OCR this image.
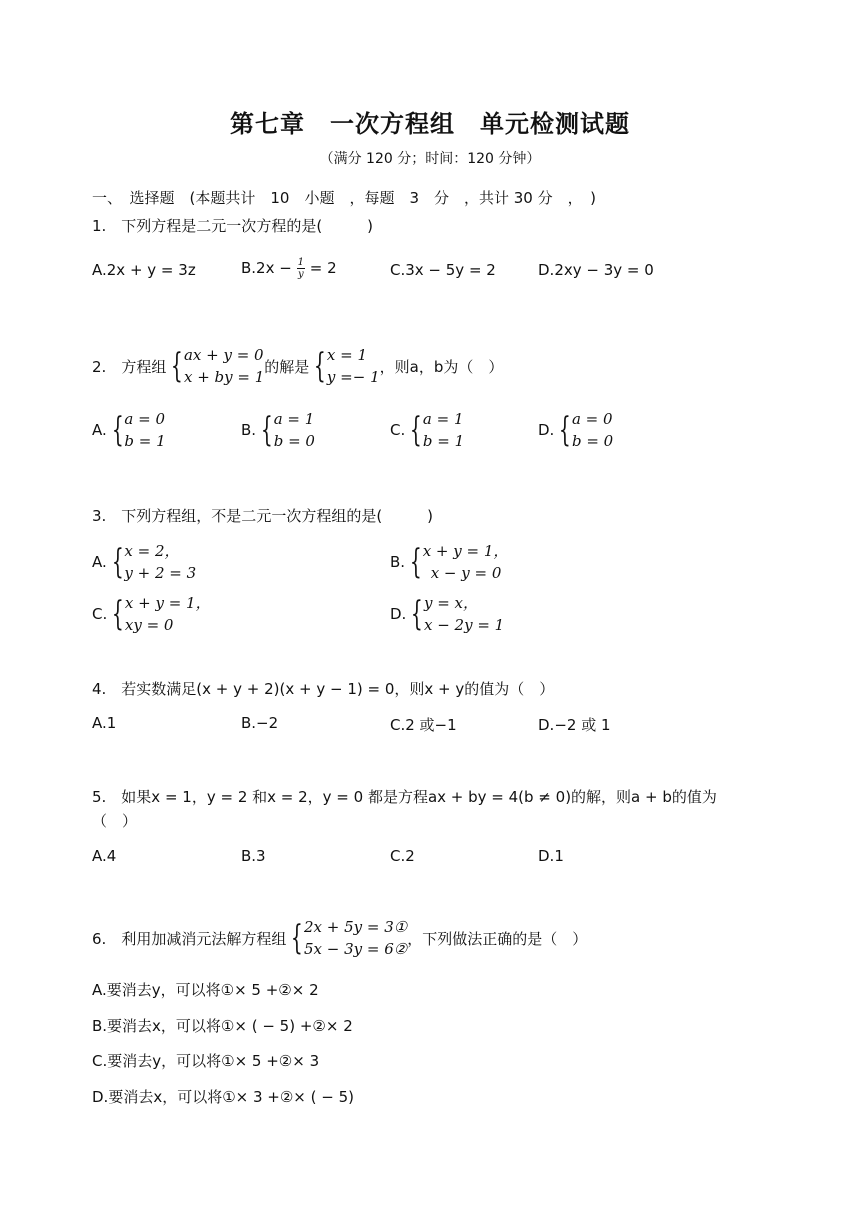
第七章　一次方程组　单元检测试题
（满分 120 分；时间：120 分钟）
一、　选择题　(本题共计　10　小题　，每题　3　分　，共计 30 分　，　)
1.　下列方程是二元一次方程的是(　　　)
A.2x + y = 3z	$B.2x - \frac{1}{y} = 2$	C.3x − 5y = 2	D.2xy − 3y = 0
2.　 方程组 { ax + y = 0
x + by = 1
的解是 { x = 1
y =− 1
，则a，b为（　）
A. { a = 0
b = 1
B. { a = 1
b = 0
C. { a = 1
b = 1
D. { a = 0
b = 0
3.　下列方程组，不是二元一次方程组的是(　　　)
A. { x = 2，
y + 2 = 3
B. { x + y = 1，
x − y = 0
C. { x + y = 1，
xy = 0
D. { y = x，
x − 2y = 1
4.　若实数满足(x + y + 2)(x + y − 1) = 0，则x + y的值为（　）
A.1	B.−2	C.2 或−1	D.−2 或 1
5.　如果x = 1，y = 2 和x = 2，y = 0 都是方程ax + by = 4(b ≠ 0)的解，则a + b的值为
（　）
A.4	B.3	C.2	D.1
6.　 利用加减消元法解方程组 { 2x + 5y = 3①
5x − 3y = 6②
，下列做法正确的是（　）
A.要消去y，可以将①× 5 +②× 2
B.要消去x，可以将①× ( − 5) +②× 2
C.要消去y，可以将①× 5 +②× 3
D.要消去x，可以将①× 3 +②× ( − 5)
